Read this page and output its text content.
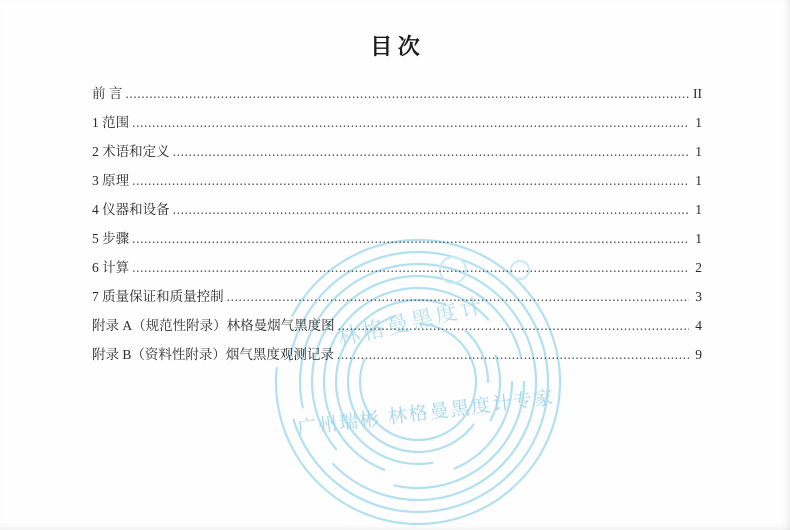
林格曼黑度计
广州瑞彬 林格曼黑度计专家
目 次
前 言 .....	II
1 范围 .....	1
2 术语和定义 .....	1
3 原理 .....	1
4 仪器和设备 .....	1
5 步骤 .....	1
6 计算 .....	2
7 质量保证和质量控制 .....	3
附录 A（规范性附录）林格曼烟气黑度图 .....	4
附录 B（资料性附录）烟气黑度观测记录 .....	9
